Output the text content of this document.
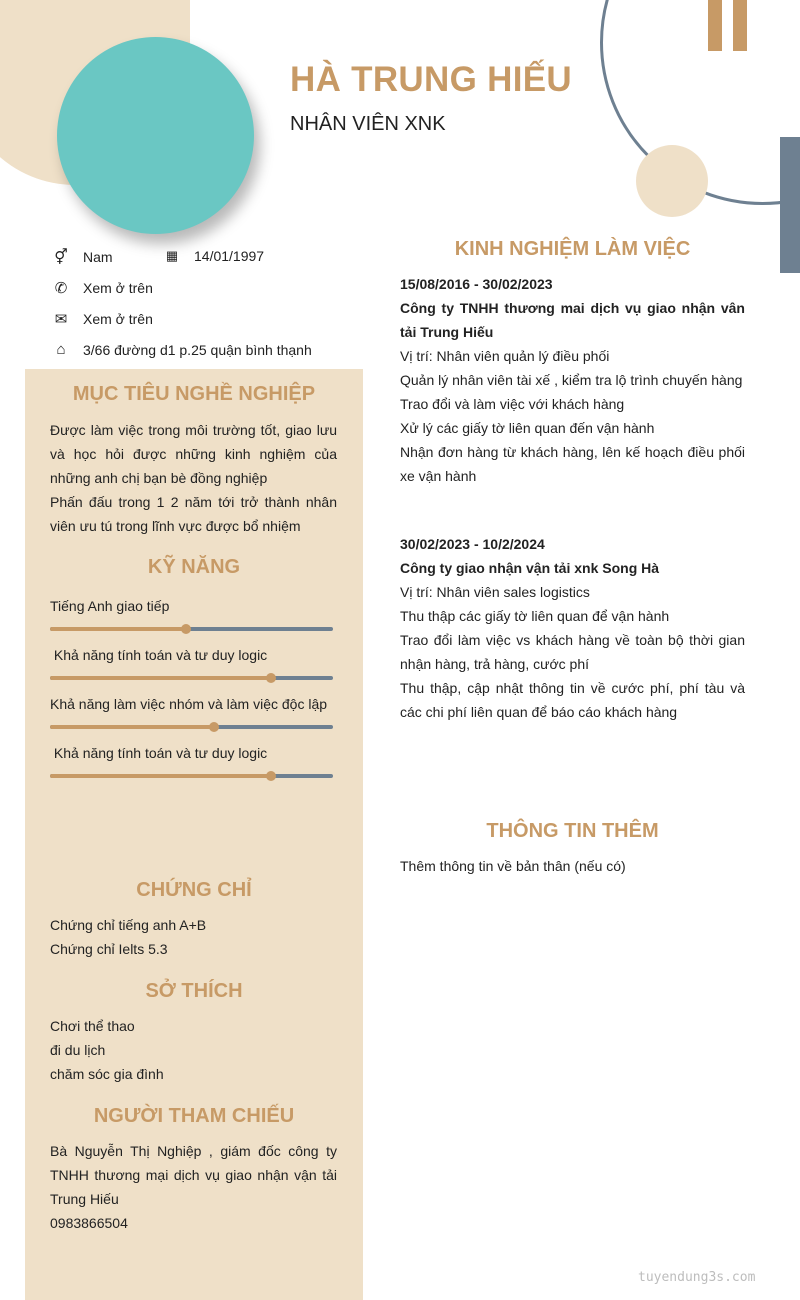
HÀ TRUNG HIẾU
NHÂN VIÊN XNK
⚥	Nam	▦	14/01/1997
✆	Xem ở trên
✉	Xem ở trên
⌂	3/66 đường d1 p.25 quận bình thạnh
MỤC TIÊU NGHỀ NGHIỆP
Được làm việc trong môi trường tốt, giao lưu và học hỏi được những kinh nghiệm của những anh chị bạn bè đồng nghiệp
Phấn đấu trong 1 2 năm tới trở thành nhân viên ưu tú trong lĩnh vực được bổ nhiệm
KỸ NĂNG
Tiếng Anh giao tiếp
Khả năng tính toán và tư duy logic
Khả năng làm việc nhóm và làm việc độc lập
Khả năng tính toán và tư duy logic
CHỨNG CHỈ
Chứng chỉ tiếng anh A+B
Chứng chỉ Ielts 5.3
SỞ THÍCH
Chơi thể thao
đi du lịch
chăm sóc gia đình
NGƯỜI THAM CHIẾU
Bà Nguyễn Thị Nghiệp , giám đốc công ty TNHH thương mại dịch vụ giao nhận vận tải Trung Hiếu
0983866504
KINH NGHIỆM LÀM VIỆC
15/08/2016 - 30/02/2023
Công ty TNHH thương mai dịch vụ giao nhận vân tải Trung Hiếu
Vị trí: Nhân viên quản lý điều phối
Quản lý nhân viên tài xế , kiểm tra lộ trình chuyến hàng
Trao đổi và làm việc với khách hàng
Xử lý các giấy tờ liên quan đến vận hành
Nhận đơn hàng từ khách hàng, lên kế hoạch điều phối xe vận hành
30/02/2023 - 10/2/2024
Công ty giao nhận vận tải xnk Song Hà
Vị trí: Nhân viên sales logistics
Thu thập các giấy tờ liên quan để vận hành
Trao đổi làm việc vs khách hàng về toàn bộ thời gian nhận hàng, trả hàng, cước phí
Thu thập, cập nhật thông tin về cước phí, phí tàu và các chi phí liên quan để báo cáo khách hàng
THÔNG TIN THÊM
Thêm thông tin về bản thân (nếu có)
tuyendung3s.com
